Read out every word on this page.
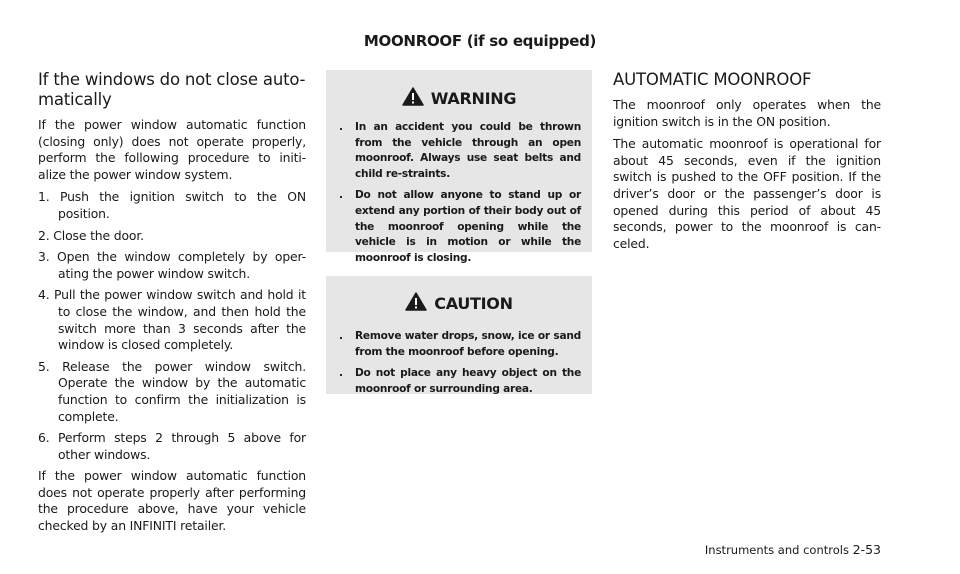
MOONROOF (if so equipped)
If the windows do not close auto-
matically

If the power window automatic function (closing only) does not operate properly, perform the following procedure to initi-alize the power window system.

1. Push the ignition switch to the ON position.
2. Close the door.
3. Open the window completely by oper-ating the power window switch.
4. Pull the power window switch and hold it to close the window, and then hold the switch more than 3 seconds after the window is closed completely.
5. Release the power window switch. Operate the window by the automatic function to confirm the initialization is complete.
6. Perform steps 2 through 5 above for other windows.

If the power window automatic function does not operate properly after performing the procedure above, have your vehicle checked by an INFINITI retailer.

WARNING
. In an accident you could be thrown from the vehicle through an open moonroof. Always use seat belts and child re-straints.
. Do not allow anyone to stand up or extend any portion of their body out of the moonroof opening while the vehicle is in motion or while the moonroof is closing.
CAUTION
. Remove water drops, snow, ice or sand from the moonroof before opening.
. Do not place any heavy object on the moonroof or surrounding area.
AUTOMATIC MOONROOF

The moonroof only operates when the ignition switch is in the ON position.

The automatic moonroof is operational for about 45 seconds, even if the ignition switch is pushed to the OFF position. If the driver’s door or the passenger’s door is opened during this period of about 45 seconds, power to the moonroof is can-celed.

Instruments and controls 2-53
